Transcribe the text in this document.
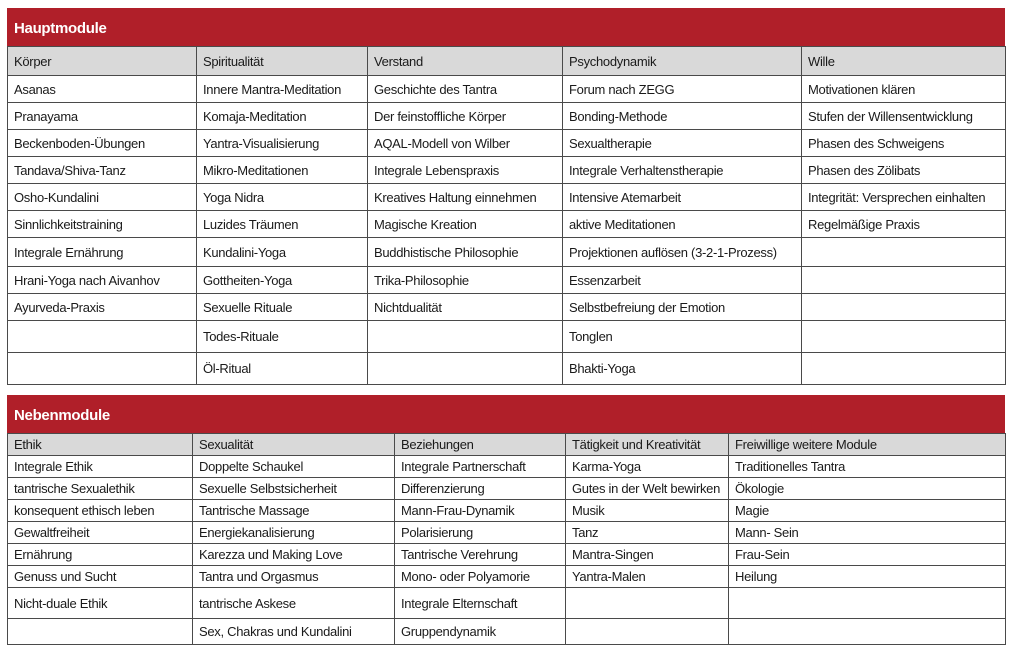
Hauptmodule
Körper	Spiritualität	Verstand	Psychodynamik	Wille
Asanas	Innere Mantra-Meditation	Geschichte des Tantra	Forum nach ZEGG	Motivationen klären
Pranayama	Komaja-Meditation	Der feinstoffliche Körper	Bonding-Methode	Stufen der Willensentwicklung
Beckenboden-Übungen	Yantra-Visualisierung	AQAL-Modell von Wilber	Sexualtherapie	Phasen des Schweigens
Tandava/Shiva-Tanz	Mikro-Meditationen	Integrale Lebenspraxis	Integrale Verhaltenstherapie	Phasen des Zölibats
Osho-Kundalini	Yoga Nidra	Kreatives Haltung einnehmen	Intensive Atemarbeit	Integrität: Versprechen einhalten
Sinnlichkeitstraining	Luzides Träumen	Magische Kreation	aktive Meditationen	Regelmäßige Praxis
Integrale Ernährung	Kundalini-Yoga	Buddhistische Philosophie	Projektionen auflösen (3-2-1-Prozess)	
Hrani-Yoga nach Aivanhov	Gottheiten-Yoga	Trika-Philosophie	Essenzarbeit	
Ayurveda-Praxis	Sexuelle Rituale	Nichtdualität	Selbstbefreiung der Emotion	
	Todes-Rituale		Tonglen	
	Öl-Ritual		Bhakti-Yoga	
Nebenmodule
Ethik	Sexualität	Beziehungen	Tätigkeit und Kreativität	Freiwillige weitere Module
Integrale Ethik	Doppelte Schaukel	Integrale Partnerschaft	Karma-Yoga	Traditionelles Tantra
tantrische Sexualethik	Sexuelle Selbstsicherheit	Differenzierung	Gutes in der Welt bewirken	Ökologie
konsequent ethisch leben	Tantrische Massage	Mann-Frau-Dynamik	Musik	Magie
Gewaltfreiheit	Energiekanalisierung	Polarisierung	Tanz	Mann- Sein
Ernährung	Karezza und Making Love	Tantrische Verehrung	Mantra-Singen	Frau-Sein
Genuss und Sucht	Tantra und Orgasmus	Mono- oder Polyamorie	Yantra-Malen	Heilung
Nicht-duale Ethik	tantrische Askese	Integrale Elternschaft		
	Sex, Chakras und Kundalini	Gruppendynamik		
